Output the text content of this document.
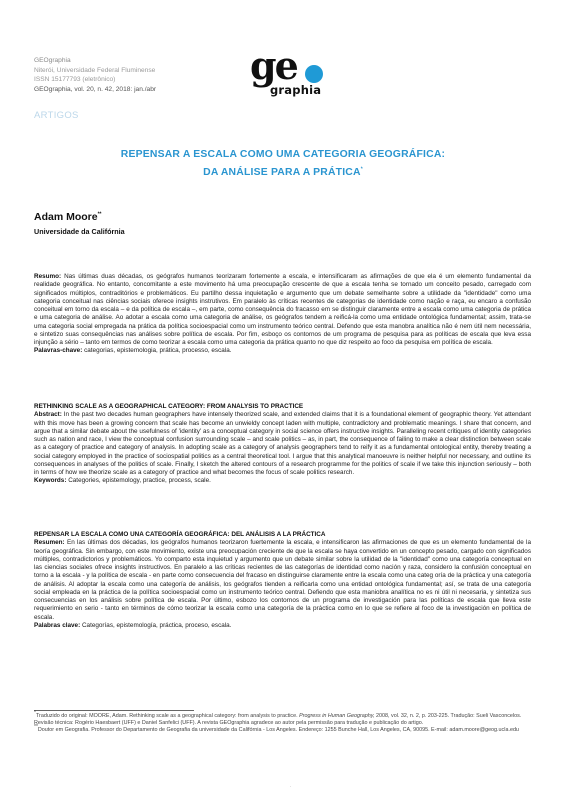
GEOgraphia
Niterói, Universidade Federal Fluminense
ISSN 15177793 (eletrônico)
GEOgraphia, vol. 20, n. 42, 2018: jan./abr
ge
graphia
ARTIGOS
REPENSAR A ESCALA COMO UMA CATEGORIA GEOGRÁFICA:
DA ANÁLISE PARA A PRÁTICA*
Adam Moore**
Universidade da Califórnia
Resumo: Nas últimas duas décadas, os geógrafos humanos teorizaram fortemente a escala, e intensificaram as afirmações de que ela é um elemento fundamental da realidade geográfica. No entanto, concomitante a este movimento há uma preocupação crescente de que a escala tenha se tornado um conceito pesado, carregado com significados múltiplos, contraditórios e problemáticos. Eu partilho dessa inquietação e argumento que um debate semelhante sobre a utilidade da "identidade" como uma categoria conceitual nas ciências sociais oferece insights instrutivos. Em paralelo às críticas recentes de categorias de identidade como nação e raça, eu encaro a confusão conceitual em torno da escala – e da política de escala –, em parte, como consequência do fracasso em se distinguir claramente entre a escala como uma categoria de prática e uma categoria de análise. Ao adotar a escala como uma categoria de análise, os geógrafos tendem a reificá-la como uma entidade ontológica fundamental; assim, trata-se uma categoria social empregada na prática da política socioespacial como um instrumento teórico central. Defendo que esta manobra analítica não é nem útil nem necessária, e sintetizo suas consequências nas análises sobre política de escala. Por fim, esboço os contornos de um programa de pesquisa para as políticas de escala que leva essa injunção a sério – tanto em termos de como teorizar a escala como uma categoria da prática quanto no que diz respeito ao foco da pesquisa em política de escala.
Palavras-chave: categorias, epistemologia, prática, processo, escala.
RETHINKING SCALE AS A GEOGRAPHICAL CATEGORY: FROM ANALYSIS TO PRACTICE
Abstract: In the past two decades human geographers have intensely theorized scale, and extended claims that it is a foundational element of geographic theory. Yet attendant with this move has been a growing concern that scale has become an unwieldy concept laden with multiple, contradictory and problematic meanings. I share that concern, and argue that a similar debate about the usefulness of 'identity' as a conceptual category in social science offers instructive insights. Paralleling recent critiques of identity categories such as nation and race, I view the conceptual confusion surrounding scale – and scale politics – as, in part, the consequence of failing to make a clear distinction between scale as a category of practice and category of analysis. In adopting scale as a category of analysis geographers tend to reify it as a fundamental ontological entity, thereby treating a social category employed in the practice of sociospatial politics as a central theoretical tool. I argue that this analytical manoeuvre is neither helpful nor necessary, and outline its consequences in analyses of the politics of scale. Finally, I sketch the altered contours of a research programme for the politics of scale if we take this injunction seriously – both in terms of how we theorize scale as a category of practice and what becomes the focus of scale politics research.
Keywords: Categories, epistemology, practice, process, scale.
REPENSAR LA ESCALA COMO UNA CATEGORÍA GEOGRÁFICA: DEL ANÁLISIS A LA PRÁCTICA
Resumen: En las últimas dos décadas, los geógrafos humanos teorizaron fuertemente la escala, e intensificaron las afirmaciones de que es un elemento fundamental de la teoría geográfica. Sin embargo, con este movimiento, existe una preocupación creciente de que la escala se haya convertido en un concepto pesado, cargado con significados múltiples, contradictorios y problemáticos. Yo comparto esta inquietud y argumento que un debate similar sobre la utilidad de la "identidad" como una categoría conceptual en las ciencias sociales ofrece insights instructivos. En paralelo a las críticas recientes de las categorías de identidad como nación y raza, considero la confusión conceptual en torno a la escala - y la política de escala - en parte como consecuencia del fracaso en distinguirse claramente entre la escala como una categ oría de la práctica y una categoría de análisis. Al adoptar la escala como una categoría de análisis, los geógrafos tienden a reificarla como una entidad ontológica fundamental; así, se trata de una categoría social empleada en la práctica de la política socioespacial como un instrumento teórico central. Defiendo que esta maniobra analítica no es ni útil ni necesaria, y sintetiza sus consecuencias en los análisis sobre política de escala. Por último, esbozo los contornos de un programa de investigación para las políticas de escala que lleva este requerimiento en serio - tanto en términos de cómo teorizar la escala como una categoría de la práctica como en lo que se refiere al foco de la investigación en política de escala.
Palabras clave: Categorías, epistemología, práctica, proceso, escala.
*Traduzido do original: MOORE, Adam. Rethinking scale as a geographical category: from analysis to practice. Progress in Human Geography, 2008, vol. 32, n. 2, p. 203-225. Tradução: Sueli Vasconcelos. Revisão técnica: Rogério Haesbaert (UFF) e Daniel Sanfelici (UFF). A revista GEOgraphia agradece ao autor pela permissão para tradução e publicação do artigo.
**Doutor em Geografia. Professor do Departamento de Geografia da universidade da Califórnia - Los Angeles. Endereço: 1255 Bunche Hall, Los Angeles, CA, 90095. E-mail: adam.moore@geog.ucla.edu
.
